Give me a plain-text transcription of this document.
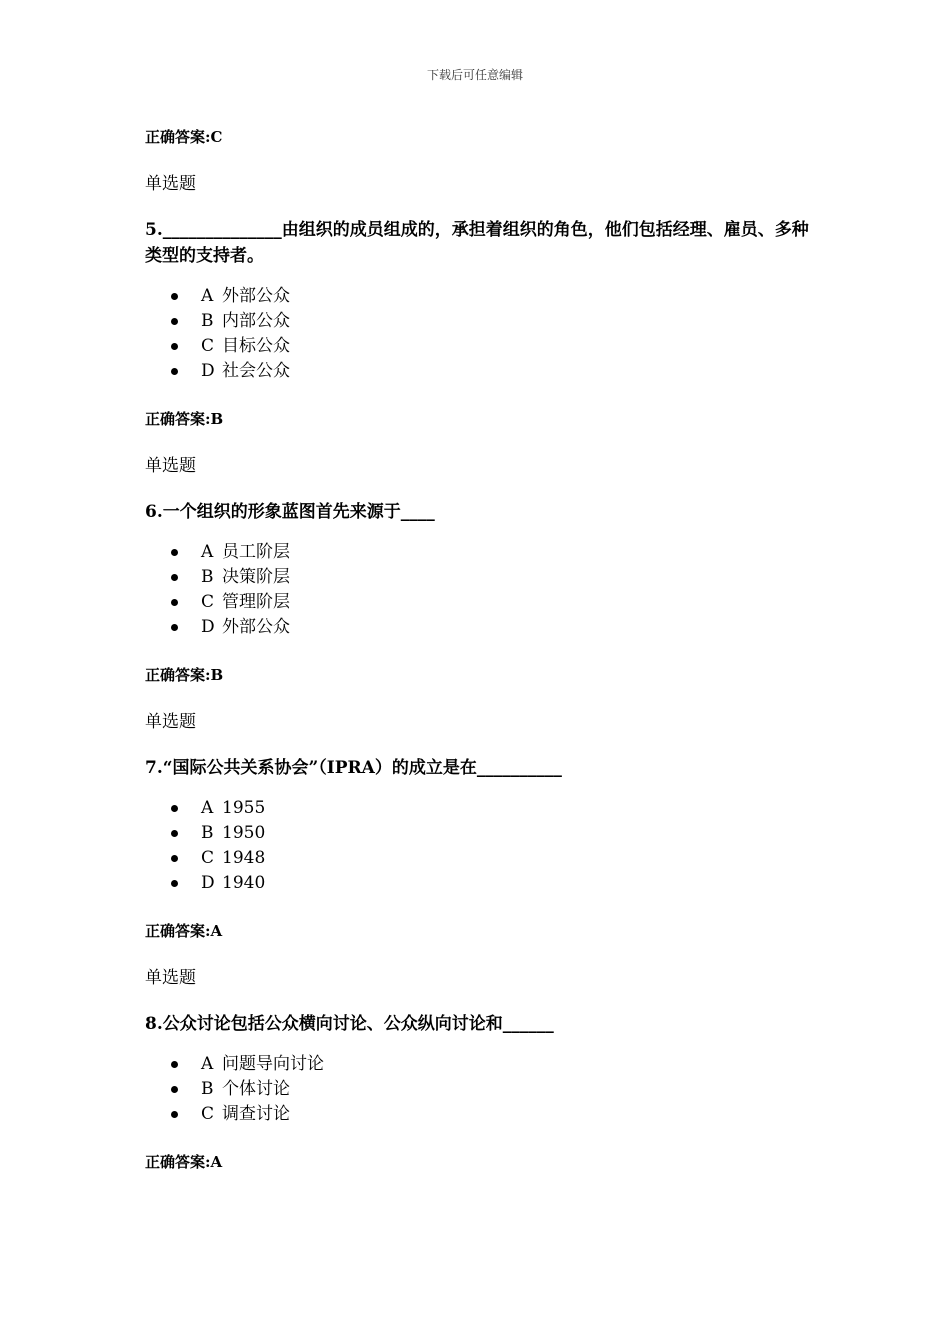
下载后可任意编辑

正确答案:C

单选题

5.______________由组织的成员组成的，承担着组织的角色，他们包括经理、雇员、多种类型的支持者。

A 外部公众
B 内部公众
C 目标公众
D 社会公众

正确答案:B

单选题

6.一个组织的形象蓝图首先来源于____

A 员工阶层
B 决策阶层
C 管理阶层
D 外部公众

正确答案:B

单选题

7.“国际公共关系协会”（IPRA）的成立是在__________

A 1955
B 1950
C 1948
D 1940

正确答案:A

单选题

8.公众讨论包括公众横向讨论、公众纵向讨论和______

A 问题导向讨论
B 个体讨论
C 调查讨论

正确答案:A
